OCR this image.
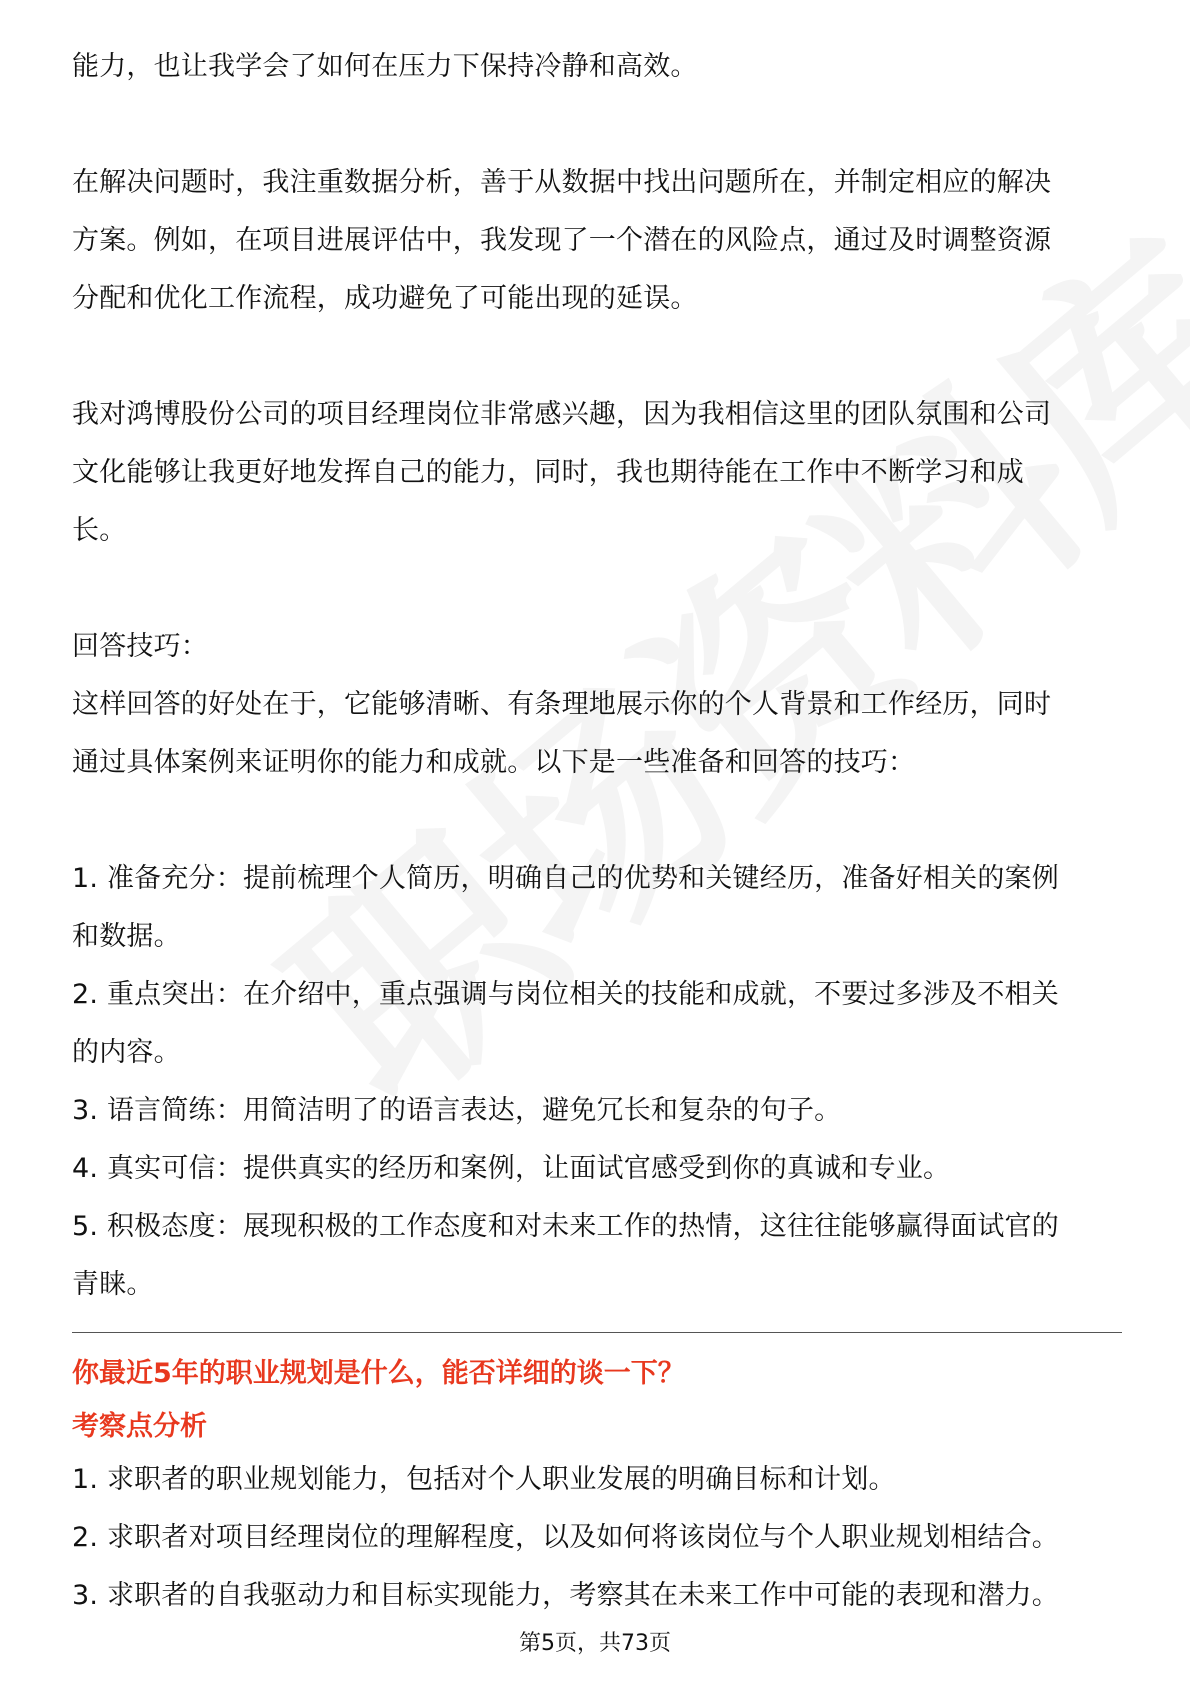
能力，也让我学会了如何在压力下保持冷静和高效。

在解决问题时，我注重数据分析，善于从数据中找出问题所在，并制定相应的解决

方案。例如，在项目进展评估中，我发现了一个潜在的风险点，通过及时调整资源

分配和优化工作流程，成功避免了可能出现的延误。

我对鸿博股份公司的项目经理岗位非常感兴趣，因为我相信这里的团队氛围和公司

文化能够让我更好地发挥自己的能力，同时，我也期待能在工作中不断学习和成

长。

回答技巧：

这样回答的好处在于，它能够清晰、有条理地展示你的个人背景和工作经历，同时

通过具体案例来证明你的能力和成就。以下是一些准备和回答的技巧：

1. 准备充分：提前梳理个人简历，明确自己的优势和关键经历，准备好相关的案例

和数据。

2. 重点突出：在介绍中，重点强调与岗位相关的技能和成就，不要过多涉及不相关

的内容。

3. 语言简练：用简洁明了的语言表达，避免冗长和复杂的句子。

4. 真实可信：提供真实的经历和案例，让面试官感受到你的真诚和专业。

5. 积极态度：展现积极的工作态度和对未来工作的热情，这往往能够赢得面试官的

青睐。

你最近5年的职业规划是什么，能否详细的谈一下？
考察点分析

1. 求职者的职业规划能力，包括对个人职业发展的明确目标和计划。

2. 求职者对项目经理岗位的理解程度，以及如何将该岗位与个人职业规划相结合。

3. 求职者的自我驱动力和目标实现能力，考察其在未来工作中可能的表现和潜力。

第5页，共73页
